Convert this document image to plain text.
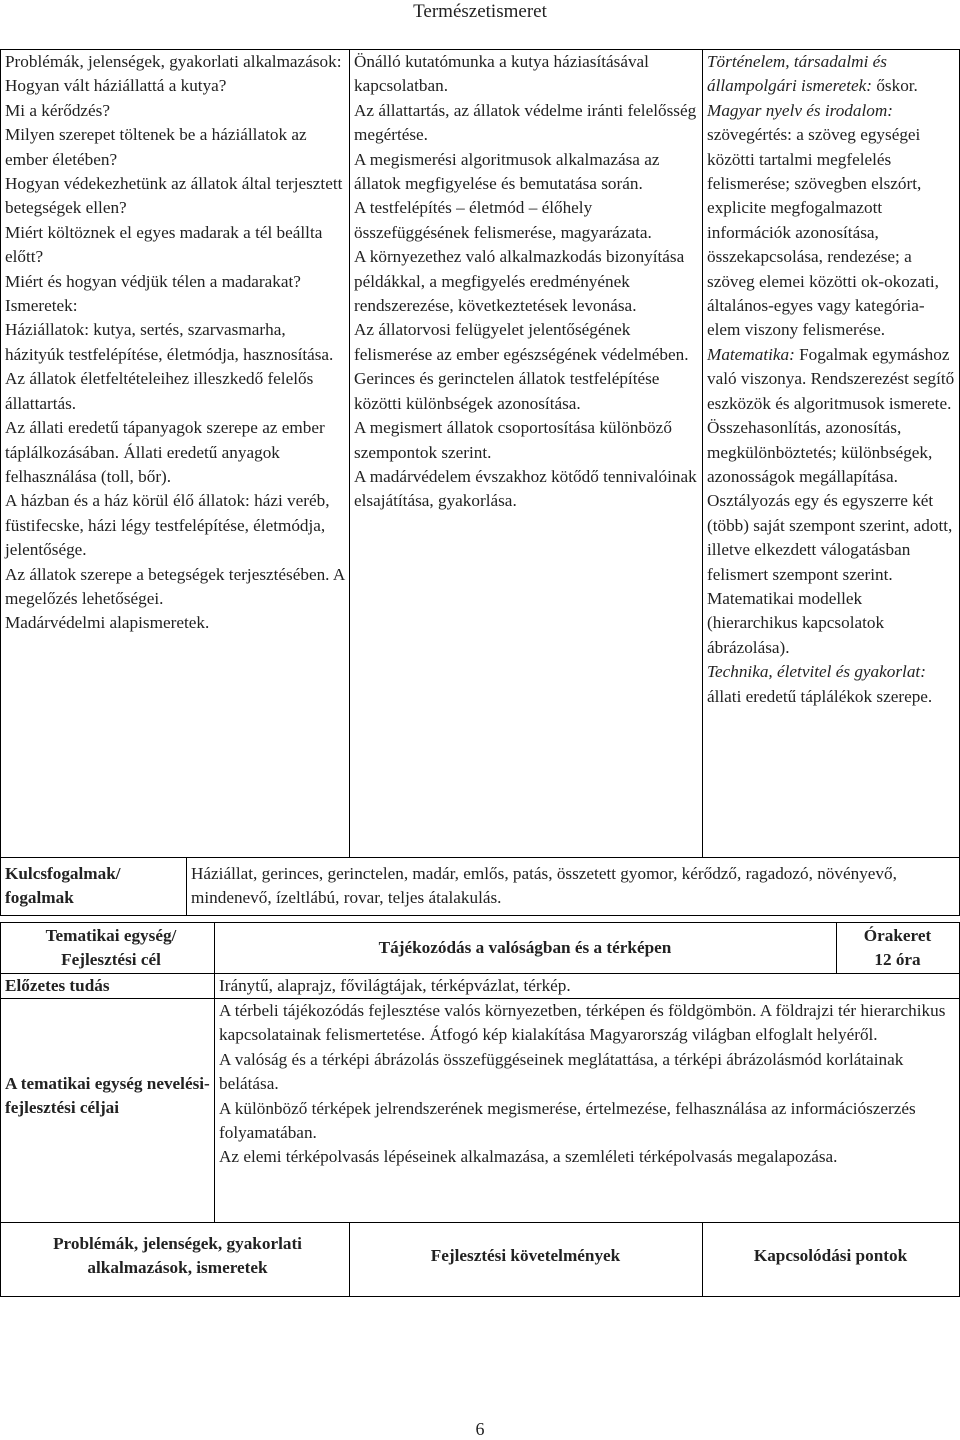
Természetismeret

Problémák, jelenségek, gyakorlati alkalmazások:

Hogyan vált háziállattá a kutya?

Mi a kérődzés?

Milyen szerepet töltenek be a háziállatok az ember életében?

Hogyan védekezhetünk az állatok által terjesztett betegségek ellen?

Miért költöznek el egyes madarak a tél beállta előtt?

Miért és hogyan védjük télen a madarakat?

Ismeretek:

Háziállatok: kutya, sertés, szarvasmarha, házityúk testfelépítése, életmódja, hasznosítása. Az állatok életfeltételeihez illeszkedő felelős állattartás.

Az állati eredetű tápanyagok szerepe az ember táplálkozásában. Állati eredetű anyagok felhasználása (toll, bőr).

A házban és a ház körül élő állatok: házi veréb, füstifecske, házi légy testfelépítése, életmódja, jelentősége.

Az állatok szerepe a betegségek terjesztésében. A megelőzés lehetőségei.

Madárvédelmi alapismeretek.

Önálló kutatómunka a kutya háziasításával kapcsolatban.

Az állattartás, az állatok védelme iránti felelősség megértése.

A megismerési algoritmusok alkalmazása az állatok megfigyelése és bemutatása során.

A testfelépítés – életmód – élőhely összefüggésének felismerése, magyarázata.

A környezethez való alkalmazkodás bizonyítása példákkal, a megfigyelés eredményének rendszerezése, következtetések levonása.

Az állatorvosi felügyelet jelentőségének felismerése az ember egészségének védelmében.

Gerinces és gerinctelen állatok testfelépítése közötti különbségek azonosítása.

A megismert állatok csoportosítása különböző szempontok szerint.

A madárvédelem évszakhoz kötődő tennivalóinak elsajátítása, gyakorlása.

Történelem, társadalmi és állampolgári ismeretek: őskor.

Magyar nyelv és irodalom: szövegértés: a szöveg egységei közötti tartalmi megfelelés felismerése; szövegben elszórt, explicite megfogalmazott információk azonosítása, összekapcsolása, rendezése; a szöveg elemei közötti ok-okozati, általános-egyes vagy kategória-elem viszony felismerése.

Matematika: Fogalmak egymáshoz való viszonya. Rendszerezést segítő eszközök és algoritmusok ismerete. Összehasonlítás, azonosítás, megkülönböztetés; különbségek, azonosságok megállapítása. Osztályozás egy és egyszerre két (több) saját szempont szerint, adott, illetve elkezdett válogatásban felismert szempont szerint. Matematikai modellek (hierarchikus kapcsolatok ábrázolása).

Technika, életvitel és gyakorlat: állati eredetű táplálékok szerepe.

Kulcsfogalmak/ fogalmak
Háziállat, gerinces, gerinctelen, madár, emlős, patás, összetett gyomor, kérődző, ragadozó, növényevő, mindenevő, ízeltlábú, rovar, teljes átalakulás.
Tematikai egység/ Fejlesztési cél
Tájékozódás a valóságban és a térképen

Órakeret

12 óra

Előzetes tudás	Iránytű, alaprajz, fővilágtájak, térképvázlat, térkép.
A tematikai egység nevelési-fejlesztési céljai

A térbeli tájékozódás fejlesztése valós környezetben, térképen és földgömbön. A földrajzi tér hierarchikus kapcsolatainak felismertetése. Átfogó kép kialakítása Magyarország világban elfoglalt helyéről.

A valóság és a térképi ábrázolás összefüggéseinek meglátattása, a térképi ábrázolásmód korlátainak belátása.

A különböző térképek jelrendszerének megismerése, értelmezése, felhasználása az információszerzés folyamatában.

Az elemi térképolvasás lépéseinek alkalmazása, a szemléleti térképolvasás megalapozása.

Problémák, jelenségek, gyakorlati alkalmazások, ismeretek
Fejlesztési követelmények	Kapcsolódási pontok
6
